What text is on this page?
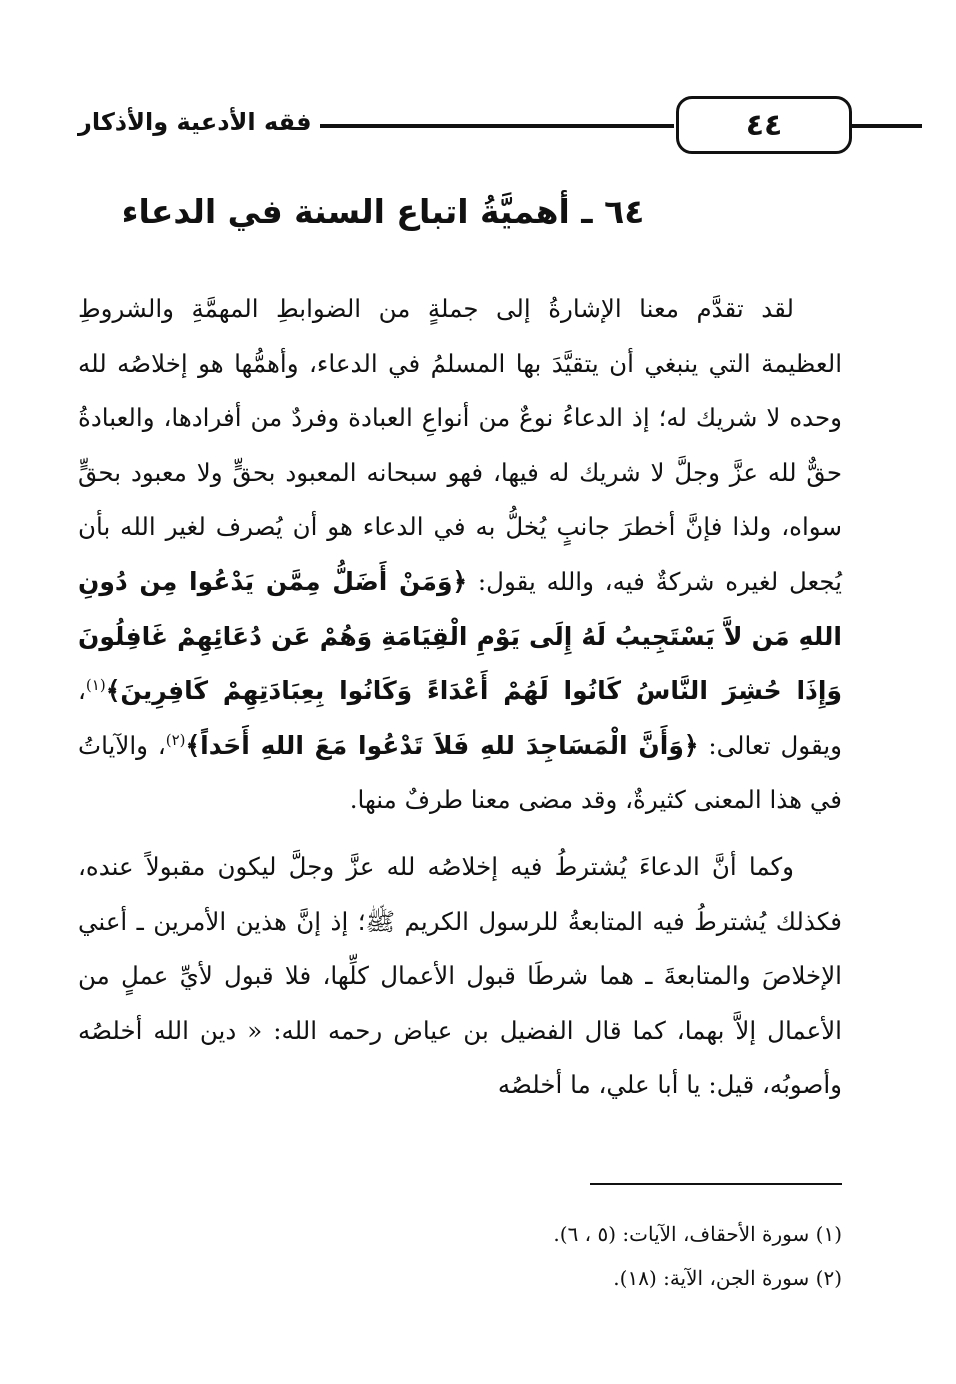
٤٤
فقه الأدعية والأذكار
٦٤ ـ أهميَّةُ اتباع السنة في الدعاء

لقد تقدَّم معنا الإشارةُ إلى جملةٍ من الضوابطِ المهمَّةِ والشروطِ العظيمة التي ينبغي أن يتقيَّدَ بها المسلمُ في الدعاء، وأهمُّها هو إخلاصُه لله وحده لا شريك له؛ إذ الدعاءُ نوعٌ من أنواعِ العبادة وفردٌ من أفرادها، والعبادةُ حقٌّ لله عزَّ وجلَّ لا شريك له فيها، فهو سبحانه المعبود بحقٍّ ولا معبود بحقٍّ سواه، ولذا فإنَّ أخطرَ جانبٍ يُخلُّ به في الدعاء هو أن يُصرف لغير الله بأن يُجعل لغيره شركةٌ فيه، والله يقول: ﴿وَمَنْ أَضَلُّ مِمَّن يَدْعُوا مِن دُونِ اللهِ مَن لاَّ يَسْتَجِيبُ لَهُ إِلَى يَوْمِ الْقِيَامَةِ وَهُمْ عَن دُعَائِهِمْ غَافِلُونَ وَإِذَا حُشِرَ النَّاسُ كَانُوا لَهُمْ أَعْدَاءً وَكَانُوا بِعِبَادَتِهِمْ كَافِرِينَ﴾$^{(١)}$، ويقول تعالى: ﴿وَأَنَّ الْمَسَاجِدَ للهِ فَلاَ تَدْعُوا مَعَ اللهِ أَحَداً﴾$^{(٢)}$، والآياتُ في هذا المعنى كثيرةٌ، وقد مضى معنا طرفٌ منها.

وكما أنَّ الدعاءَ يُشترطُ فيه إخلاصُه لله عزَّ وجلَّ ليكون مقبولاً عنده، فكذلك يُشترطُ فيه المتابعةُ للرسول الكريم ﷺ؛ إذ إنَّ هذين الأمرين ـ أعني الإخلاصَ والمتابعةَ ـ هما شرطَا قبول الأعمال كلِّها، فلا قبول لأيِّ عملٍ من الأعمال إلاَّ بهما، كما قال الفضيل بن عياض رحمه الله: « دين الله أخلصُه وأصوبُه، قيل: يا أبا علي، ما أخلصُه

(١) سورة الأحقاف، الآيات: (٥ ، ٦).
(٢) سورة الجن، الآية: (١٨).
